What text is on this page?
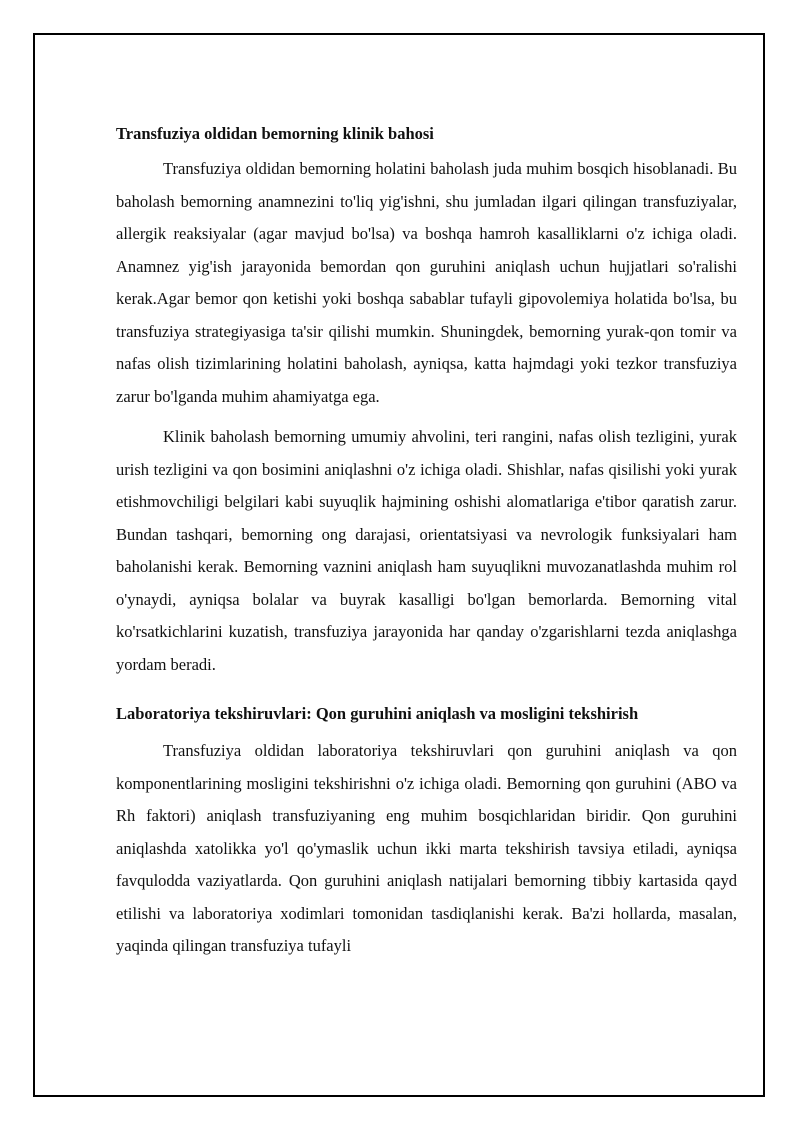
Transfuziya oldidan bemorning klinik bahosi

Transfuziya oldidan bemorning holatini baholash juda muhim bosqich hisoblanadi. Bu baholash bemorning anamnezini to'liq yig'ishni, shu jumladan ilgari qilingan transfuziyalar, allergik reaksiyalar (agar mavjud bo'lsa) va boshqa hamroh kasalliklarni o'z ichiga oladi. Anamnez yig'ish jarayonida bemordan qon guruhini aniqlash uchun hujjatlari so'ralishi kerak.Agar bemor qon ketishi yoki boshqa sabablar tufayli gipovolemiya holatida bo'lsa, bu transfuziya strategiyasiga ta'sir qilishi mumkin. Shuningdek, bemorning yurak-qon tomir va nafas olish tizimlarining holatini baholash, ayniqsa, katta hajmdagi yoki tezkor transfuziya zarur bo'lganda muhim ahamiyatga ega.

Klinik baholash bemorning umumiy ahvolini, teri rangini, nafas olish tezligini, yurak urish tezligini va qon bosimini aniqlashni o'z ichiga oladi. Shishlar, nafas qisilishi yoki yurak etishmovchiligi belgilari kabi suyuqlik hajmining oshishi alomatlariga e'tibor qaratish zarur. Bundan tashqari, bemorning ong darajasi, orientatsiyasi va nevrologik funksiyalari ham baholanishi kerak. Bemorning vaznini aniqlash ham suyuqlikni muvozanatlashda muhim rol o'ynaydi, ayniqsa bolalar va buyrak kasalligi bo'lgan bemorlarda. Bemorning vital ko'rsatkichlarini kuzatish, transfuziya jarayonida har qanday o'zgarishlarni tezda aniqlashga yordam beradi.

Laboratoriya tekshiruvlari: Qon guruhini aniqlash va mosligini tekshirish

Transfuziya oldidan laboratoriya tekshiruvlari qon guruhini aniqlash va qon komponentlarining mosligini tekshirishni o'z ichiga oladi. Bemorning qon guruhini (ABO va Rh faktori) aniqlash transfuziyaning eng muhim bosqichlaridan biridir. Qon guruhini aniqlashda xatolikka yo'l qo'ymaslik uchun ikki marta tekshirish tavsiya etiladi, ayniqsa favqulodda vaziyatlarda. Qon guruhini aniqlash natijalari bemorning tibbiy kartasida qayd etilishi va laboratoriya xodimlari tomonidan tasdiqlanishi kerak. Ba'zi hollarda, masalan, yaqinda qilingan transfuziya tufayli
